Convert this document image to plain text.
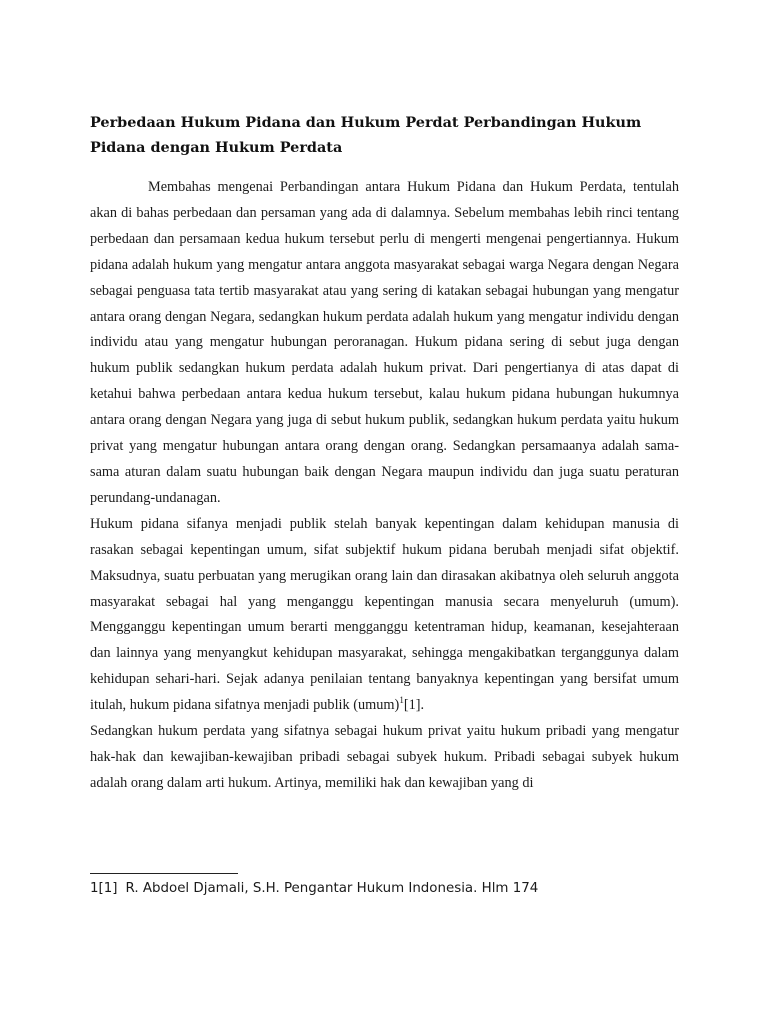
Perbedaan Hukum Pidana dan Hukum Perdat Perbandingan Hukum Pidana dengan Hukum Perdata

Membahas mengenai Perbandingan antara Hukum Pidana dan Hukum Perdata, tentulah akan di bahas perbedaan dan persaman yang ada di dalamnya. Sebelum membahas lebih rinci tentang perbedaan dan persamaan kedua hukum tersebut perlu di mengerti mengenai pengertiannya. Hukum pidana adalah hukum yang mengatur antara anggota masyarakat sebagai warga Negara dengan Negara sebagai penguasa tata tertib masyarakat atau yang sering di katakan sebagai hubungan yang mengatur antara orang dengan Negara, sedangkan hukum perdata adalah hukum yang mengatur individu dengan individu atau yang mengatur hubungan peroranagan. Hukum pidana sering di sebut juga dengan hukum publik sedangkan hukum perdata adalah hukum privat. Dari pengertianya di atas dapat di ketahui bahwa perbedaan antara kedua hukum tersebut, kalau hukum pidana hubungan hukumnya antara orang dengan Negara yang juga di sebut hukum publik, sedangkan hukum perdata yaitu hukum privat yang mengatur hubungan antara orang dengan orang. Sedangkan persamaanya adalah sama-sama aturan dalam suatu hubungan baik dengan Negara maupun individu dan juga suatu peraturan perundang-undanagan.

Hukum pidana sifanya menjadi publik stelah banyak kepentingan dalam kehidupan manusia di rasakan sebagai kepentingan umum, sifat subjektif hukum pidana berubah menjadi sifat objektif. Maksudnya, suatu perbuatan yang merugikan orang lain dan dirasakan akibatnya oleh seluruh anggota masyarakat sebagai hal yang menganggu kepentingan manusia secara menyeluruh (umum). Mengganggu kepentingan umum berarti mengganggu ketentraman hidup, keamanan, kesejahteraan dan lainnya yang menyangkut kehidupan masyarakat, sehingga mengakibatkan terganggunya dalam kehidupan sehari-hari. Sejak adanya penilaian tentang banyaknya kepentingan yang bersifat umum itulah, hukum pidana sifatnya menjadi publik (umum)$^1$[1].

Sedangkan hukum perdata yang sifatnya sebagai hukum privat yaitu hukum pribadi yang mengatur hak-hak dan kewajiban-kewajiban pribadi sebagai subyek hukum. Pribadi sebagai subyek hukum adalah orang dalam arti hukum. Artinya, memiliki hak dan kewajiban yang di

1[1] R. Abdoel Djamali, S.H. Pengantar Hukum Indonesia. Hlm 174
